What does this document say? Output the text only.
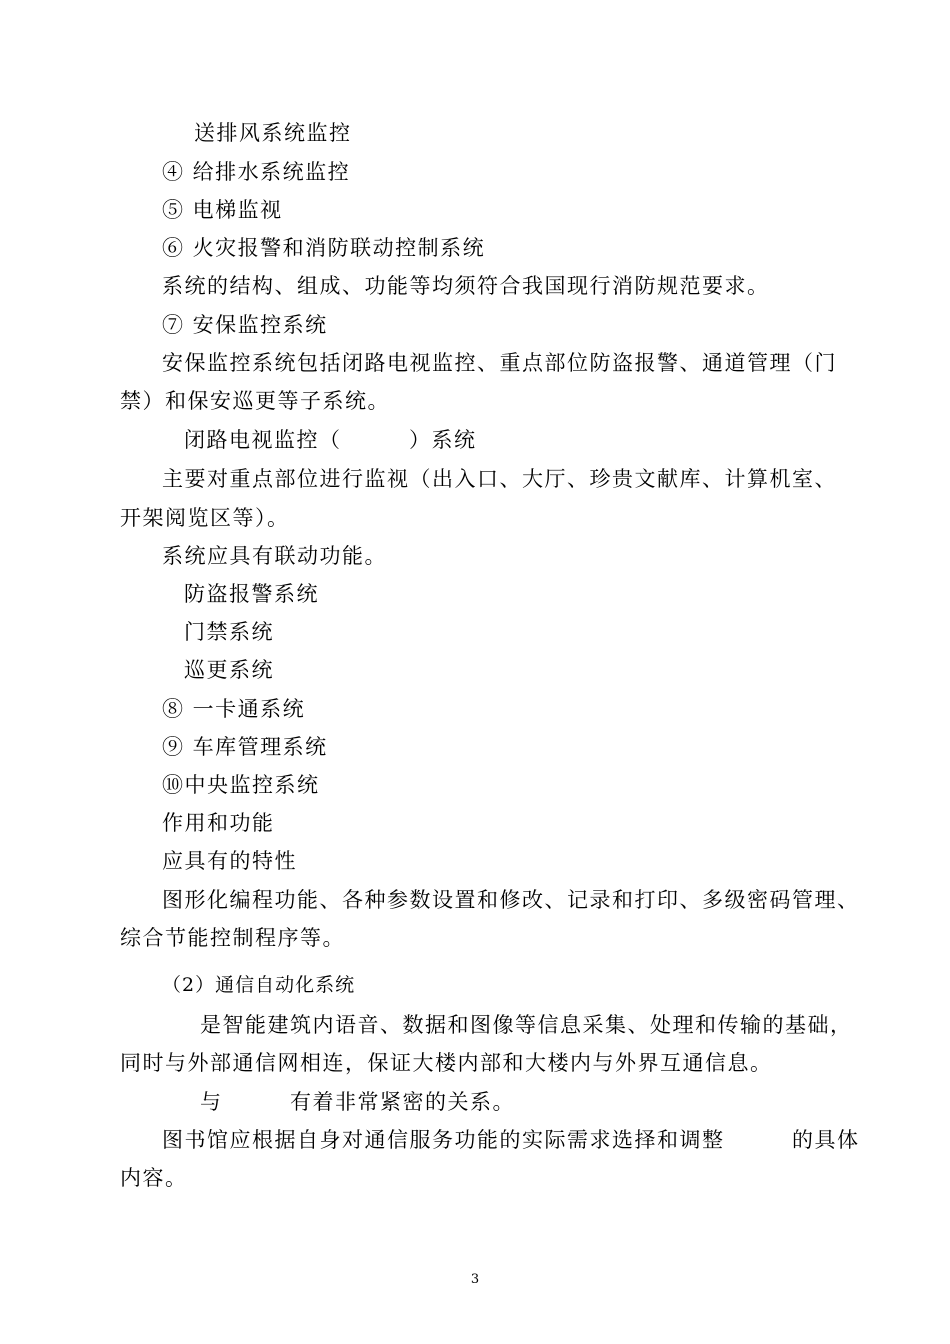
送排风系统监控
④ 给排水系统监控
⑤ 电梯监视
⑥ 火灾报警和消防联动控制系统
系统的结构、组成、功能等均须符合我国现行消防规范要求。
⑦ 安保监控系统
安保监控系统包括闭路电视监控、重点部位防盗报警、通道管理（门
禁）和保安巡更等子系统。
闭路电视监控（　　　）系统
主要对重点部位进行监视（出入口、大厅、珍贵文献库、计算机室、
开架阅览区等）。
系统应具有联动功能。
防盗报警系统
门禁系统
巡更系统
⑧ 一卡通系统
⑨ 车库管理系统
⑩中央监控系统
作用和功能
应具有的特性
图形化编程功能、各种参数设置和修改、记录和打印、多级密码管理、
综合节能控制程序等。
（2）通信自动化系统
是智能建筑内语音、数据和图像等信息采集、处理和传输的基础，
同时与外部通信网相连，保证大楼内部和大楼内与外界互通信息。
与　　　有着非常紧密的关系。
图书馆应根据自身对通信服务功能的实际需求选择和调整　　　的具体
内容。
3
